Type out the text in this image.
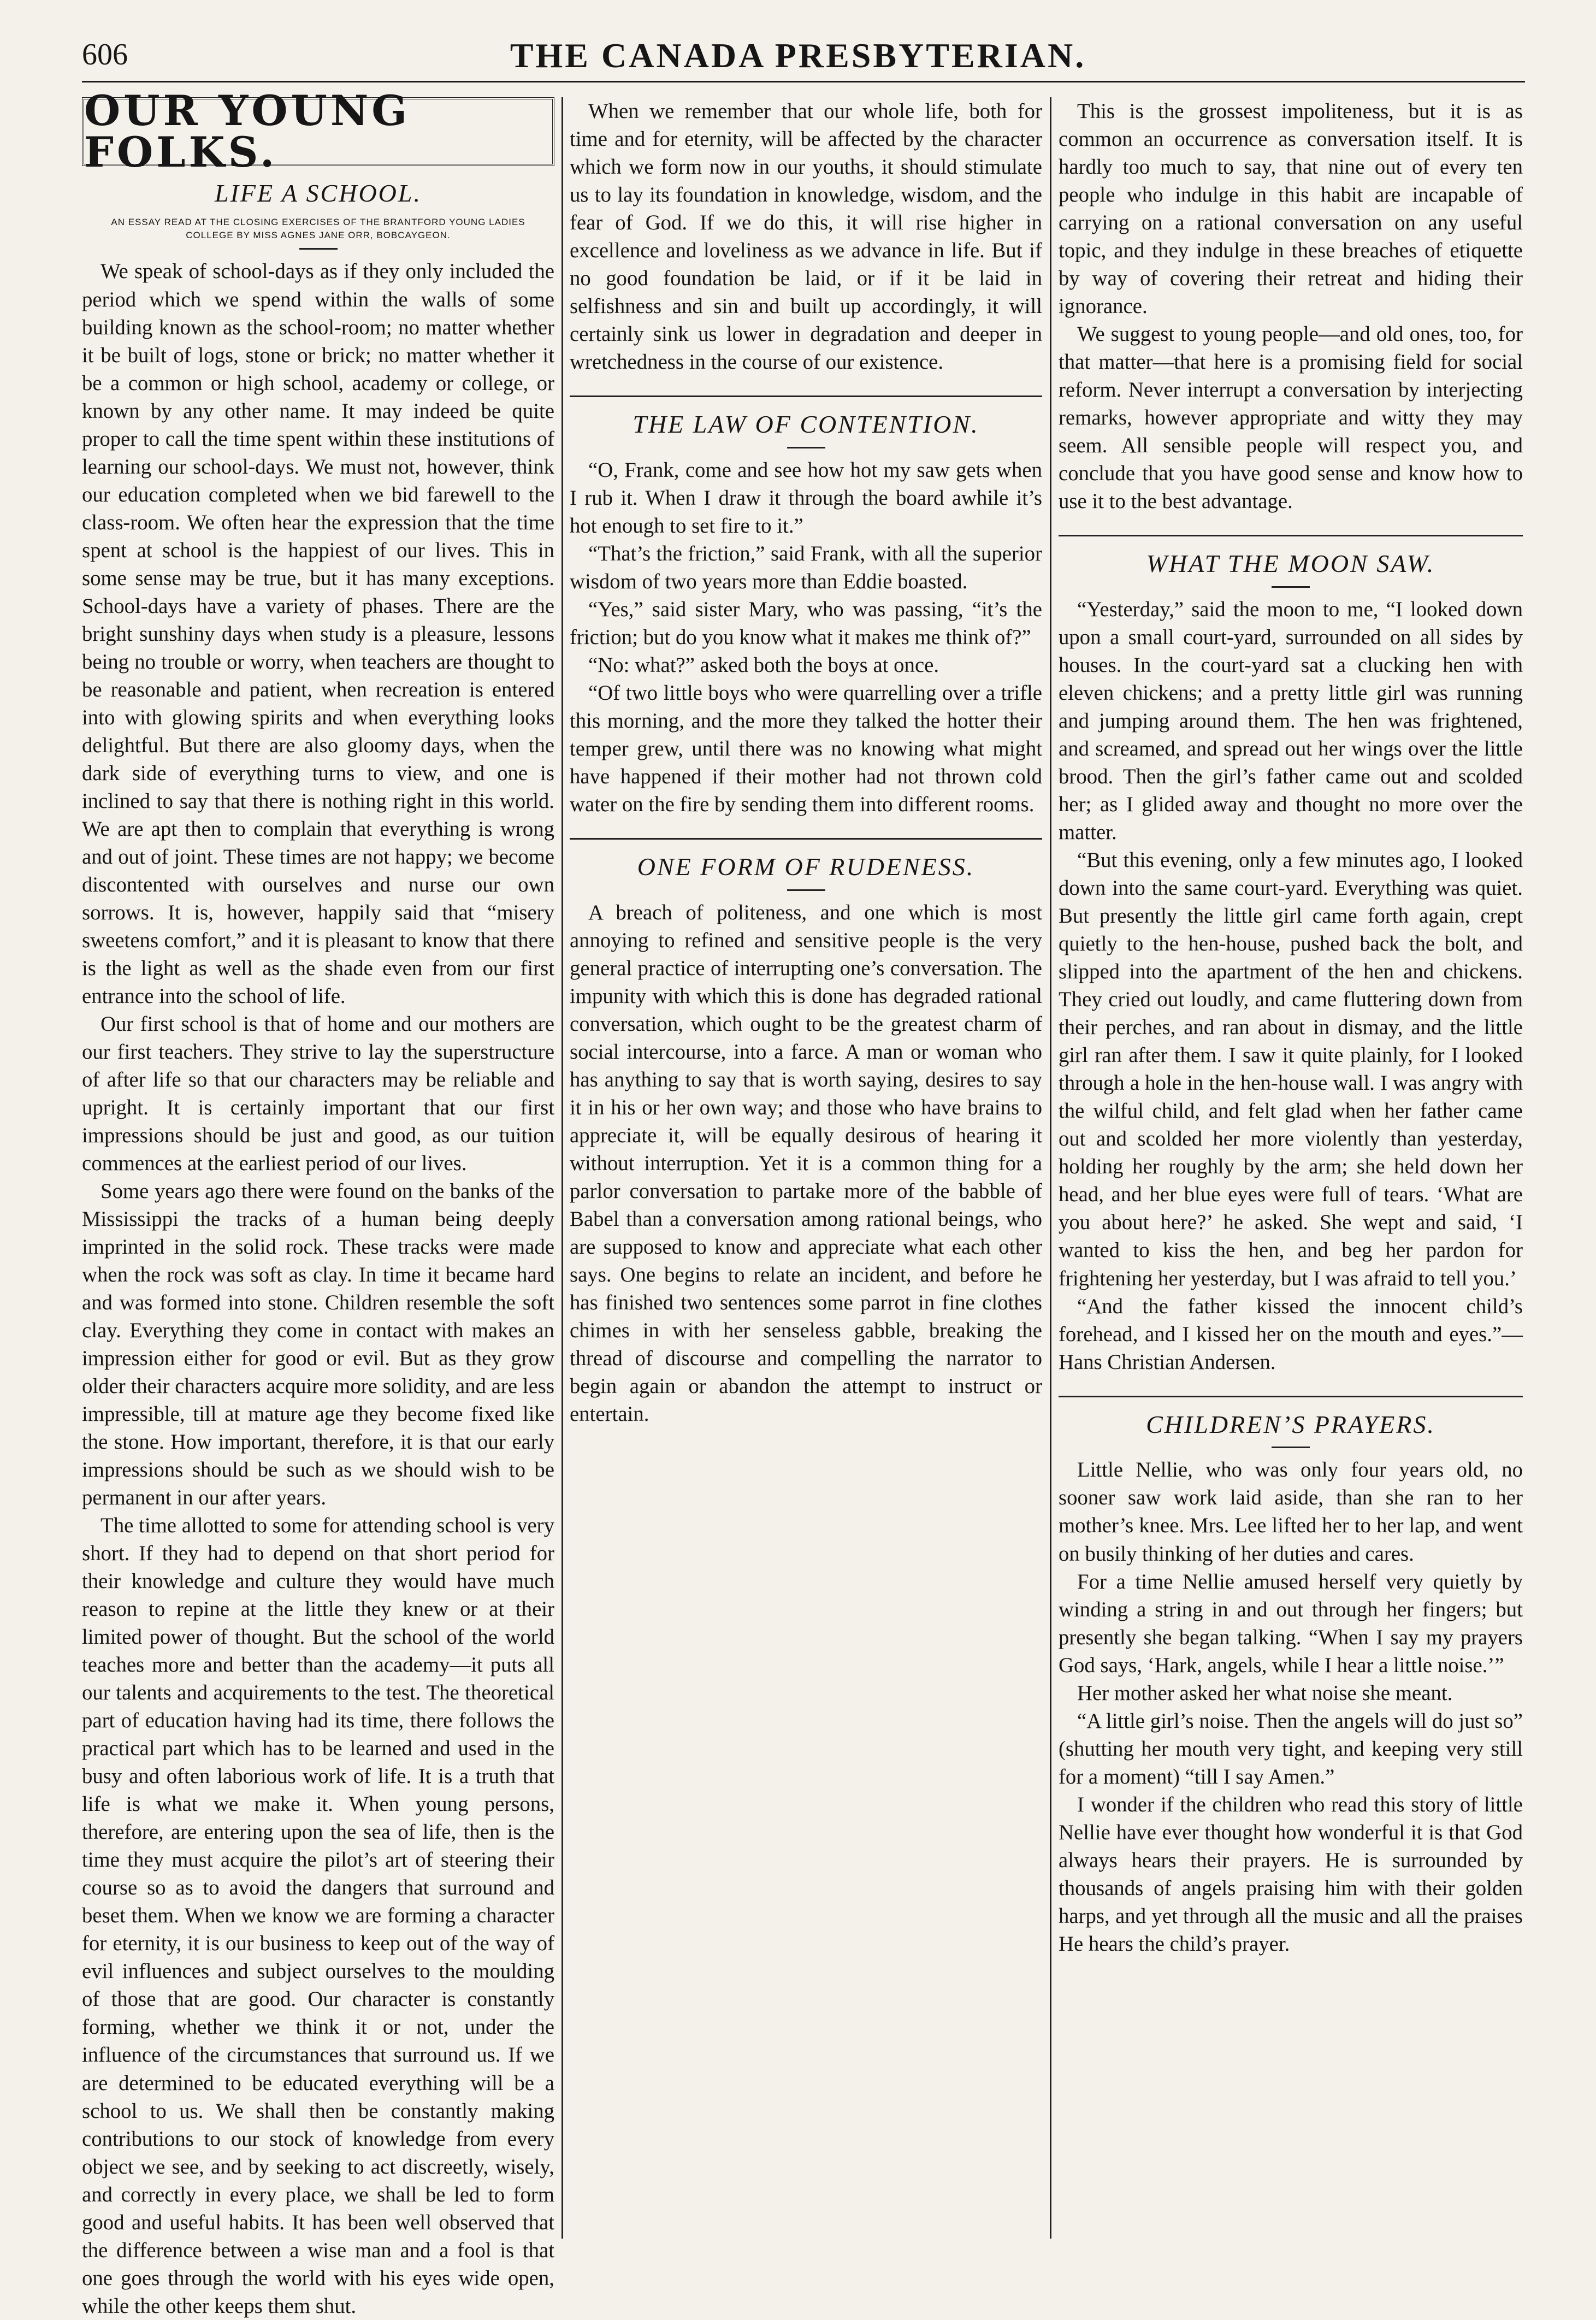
606	THE CANADA PRESBYTERIAN.
OUR YOUNG FOLKS.
LIFE A SCHOOL.
AN ESSAY READ AT THE CLOSING EXERCISES OF THE BRANTFORD YOUNG LADIES COLLEGE BY MISS AGNES JANE ORR, BOBCAYGEON.

We speak of school-days as if they only included the period which we spend within the walls of some building known as the school-room; no matter whether it be built of logs, stone or brick; no matter whether it be a common or high school, academy or college, or known by any other name. It may indeed be quite proper to call the time spent within these institutions of learning our school-days. We must not, however, think our education completed when we bid farewell to the class-room. We often hear the expression that the time spent at school is the happiest of our lives. This in some sense may be true, but it has many exceptions. School-days have a variety of phases. There are the bright sunshiny days when study is a pleasure, lessons being no trouble or worry, when teachers are thought to be reasonable and patient, when recreation is entered into with glowing spirits and when everything looks delightful. But there are also gloomy days, when the dark side of everything turns to view, and one is inclined to say that there is nothing right in this world. We are apt then to complain that everything is wrong and out of joint. These times are not happy; we become discontented with ourselves and nurse our own sorrows. It is, however, happily said that “misery sweetens comfort,” and it is pleasant to know that there is the light as well as the shade even from our first entrance into the school of life.

Our first school is that of home and our mothers are our first teachers. They strive to lay the superstructure of after life so that our characters may be reliable and upright. It is certainly important that our first impressions should be just and good, as our tuition commences at the earliest period of our lives.

Some years ago there were found on the banks of the Mississippi the tracks of a human being deeply imprinted in the solid rock. These tracks were made when the rock was soft as clay. In time it became hard and was formed into stone. Children resemble the soft clay. Everything they come in contact with makes an impression either for good or evil. But as they grow older their characters acquire more solidity, and are less impressible, till at mature age they become fixed like the stone. How important, therefore, it is that our early impressions should be such as we should wish to be permanent in our after years.

The time allotted to some for attending school is very short. If they had to depend on that short period for their knowledge and culture they would have much reason to repine at the little they knew or at their limited power of thought. But the school of the world teaches more and better than the academy—it puts all our talents and acquirements to the test. The theoretical part of education having had its time, there follows the practical part which has to be learned and used in the busy and often laborious work of life. It is a truth that life is what we make it. When young persons, therefore, are entering upon the sea of life, then is the time they must acquire the pilot’s art of steering their course so as to avoid the dangers that surround and beset them. When we know we are forming a character for eternity, it is our business to keep out of the way of evil influences and subject ourselves to the moulding of those that are good. Our character is constantly forming, whether we think it or not, under the influence of the circumstances that surround us. If we are determined to be educated everything will be a school to us. We shall then be constantly making contributions to our stock of knowledge from every object we see, and by seeking to act discreetly, wisely, and correctly in every place, we shall be led to form good and useful habits. It has been well observed that the difference between a wise man and a fool is that one goes through the world with his eyes wide open, while the other keeps them shut.

When we remember that our whole life, both for time and for eternity, will be affected by the character which we form now in our youths, it should stimulate us to lay its foundation in knowledge, wisdom, and the fear of God. If we do this, it will rise higher in excellence and loveliness as we advance in life. But if no good foundation be laid, or if it be laid in selfishness and sin and built up accordingly, it will certainly sink us lower in degradation and deeper in wretchedness in the course of our existence.

THE LAW OF CONTENTION.

“O, Frank, come and see how hot my saw gets when I rub it. When I draw it through the board awhile it’s hot enough to set fire to it.”

“That’s the friction,” said Frank, with all the superior wisdom of two years more than Eddie boasted.

“Yes,” said sister Mary, who was passing, “it’s the friction; but do you know what it makes me think of?”

“No: what?” asked both the boys at once.

“Of two little boys who were quarrelling over a trifle this morning, and the more they talked the hotter their temper grew, until there was no knowing what might have happened if their mother had not thrown cold water on the fire by sending them into different rooms.

ONE FORM OF RUDENESS.

A breach of politeness, and one which is most annoying to refined and sensitive people is the very general practice of interrupting one’s conversation. The impunity with which this is done has degraded rational conversation, which ought to be the greatest charm of social intercourse, into a farce. A man or woman who has anything to say that is worth saying, desires to say it in his or her own way; and those who have brains to appreciate it, will be equally desirous of hearing it without interruption. Yet it is a common thing for a parlor conversation to partake more of the babble of Babel than a conversation among rational beings, who are supposed to know and appreciate what each other says. One begins to relate an incident, and before he has finished two sentences some parrot in fine clothes chimes in with her senseless gabble, breaking the thread of discourse and compelling the narrator to begin again or abandon the attempt to instruct or entertain.

This is the grossest impoliteness, but it is as common an occurrence as conversation itself. It is hardly too much to say, that nine out of every ten people who indulge in this habit are incapable of carrying on a rational conversation on any useful topic, and they indulge in these breaches of etiquette by way of covering their retreat and hiding their ignorance.

We suggest to young people—and old ones, too, for that matter—that here is a promising field for social reform. Never interrupt a conversation by interjecting remarks, however appropriate and witty they may seem. All sensible people will respect you, and conclude that you have good sense and know how to use it to the best advantage.

WHAT THE MOON SAW.

“Yesterday,” said the moon to me, “I looked down upon a small court-yard, surrounded on all sides by houses. In the court-yard sat a clucking hen with eleven chickens; and a pretty little girl was running and jumping around them. The hen was frightened, and screamed, and spread out her wings over the little brood. Then the girl’s father came out and scolded her; as I glided away and thought no more over the matter.

“But this evening, only a few minutes ago, I looked down into the same court-yard. Everything was quiet. But presently the little girl came forth again, crept quietly to the hen-house, pushed back the bolt, and slipped into the apartment of the hen and chickens. They cried out loudly, and came fluttering down from their perches, and ran about in dismay, and the little girl ran after them. I saw it quite plainly, for I looked through a hole in the hen-house wall. I was angry with the wilful child, and felt glad when her father came out and scolded her more violently than yesterday, holding her roughly by the arm; she held down her head, and her blue eyes were full of tears. ‘What are you about here?’ he asked. She wept and said, ‘I wanted to kiss the hen, and beg her pardon for frightening her yesterday, but I was afraid to tell you.’

“And the father kissed the innocent child’s forehead, and I kissed her on the mouth and eyes.”—Hans Christian Andersen.

CHILDREN’S PRAYERS.

Little Nellie, who was only four years old, no sooner saw work laid aside, than she ran to her mother’s knee. Mrs. Lee lifted her to her lap, and went on busily thinking of her duties and cares.

For a time Nellie amused herself very quietly by winding a string in and out through her fingers; but presently she began talking. “When I say my prayers God says, ‘Hark, angels, while I hear a little noise.’”

Her mother asked her what noise she meant.

“A little girl’s noise. Then the angels will do just so” (shutting her mouth very tight, and keeping very still for a moment) “till I say Amen.”

I wonder if the children who read this story of little Nellie have ever thought how wonderful it is that God always hears their prayers. He is surrounded by thousands of angels praising him with their golden harps, and yet through all the music and all the praises He hears the child’s prayer.
